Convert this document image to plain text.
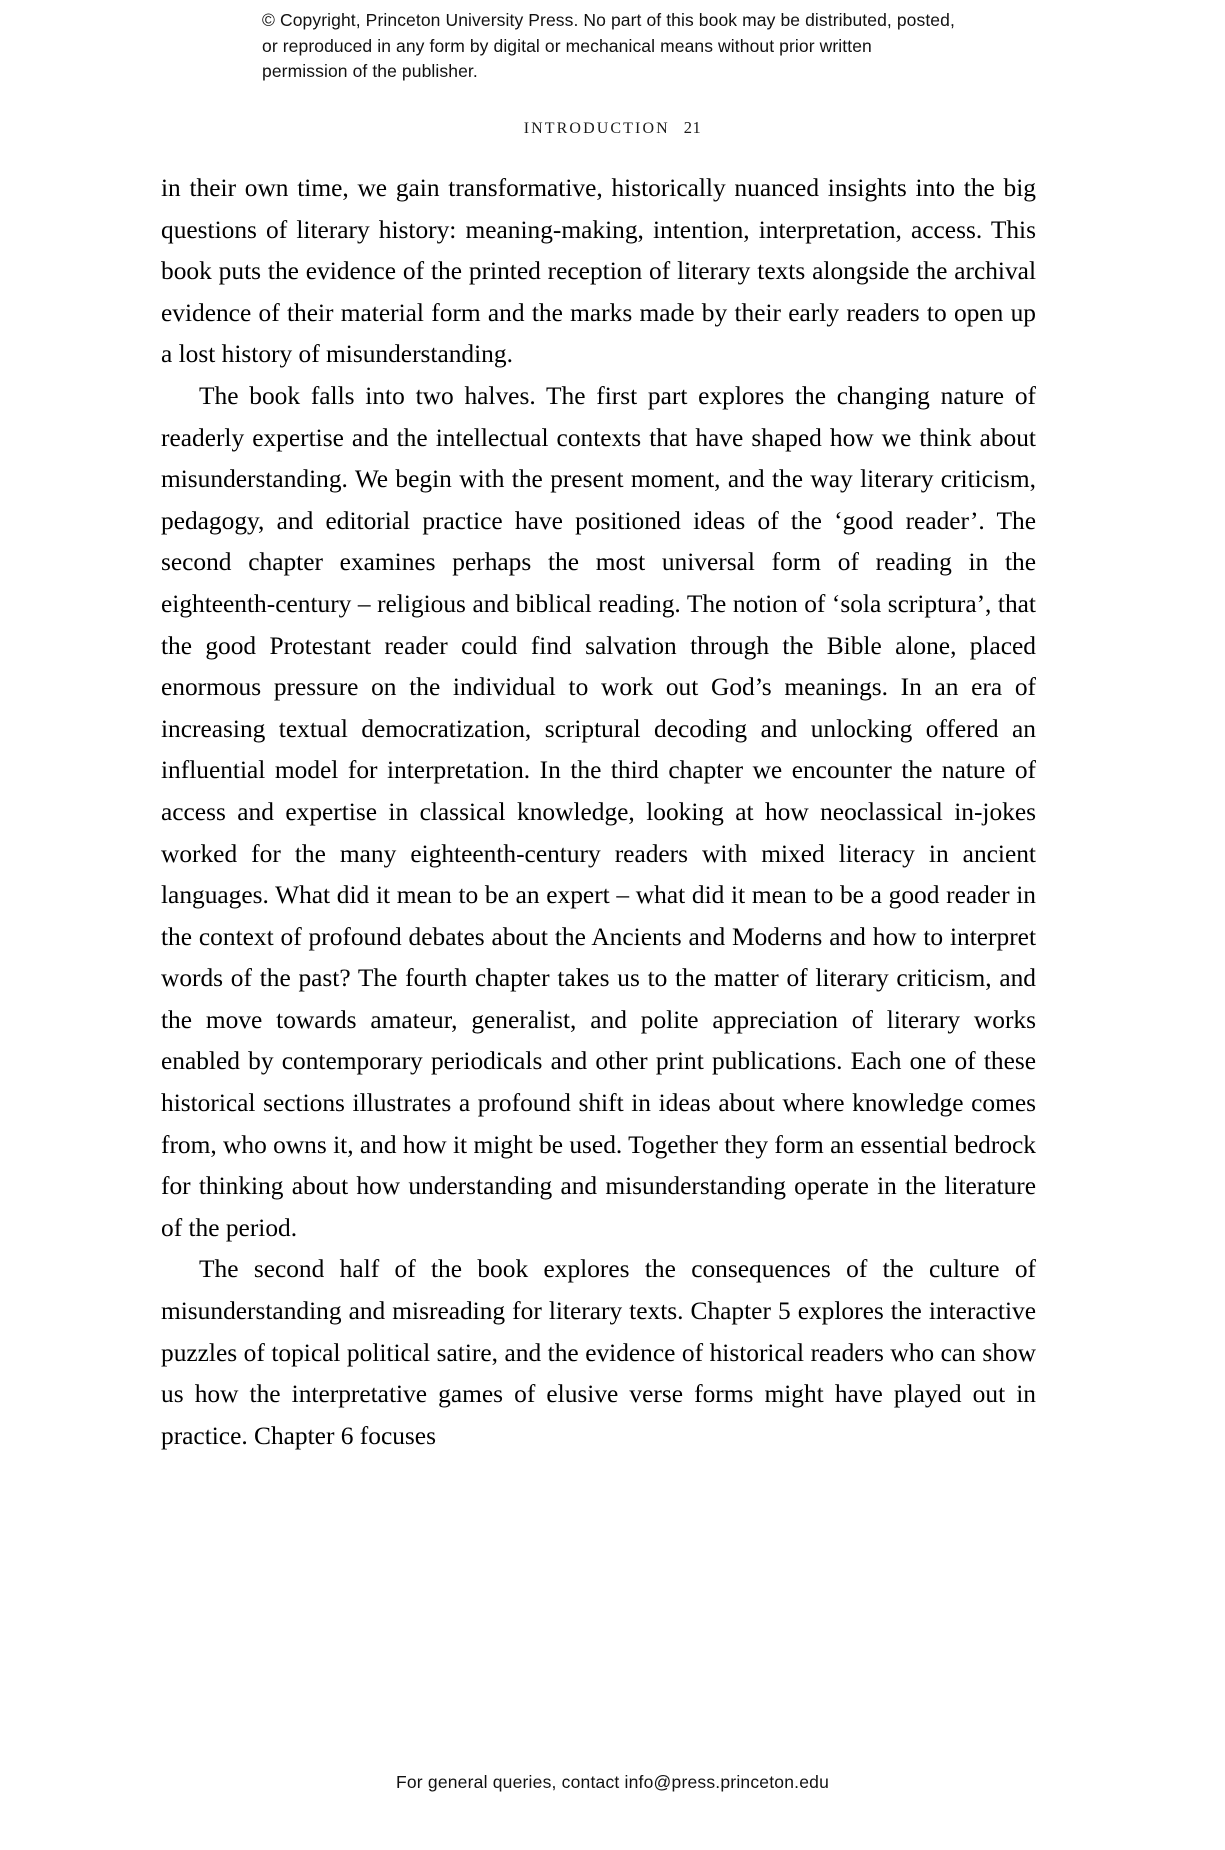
© Copyright, Princeton University Press. No part of this book may be distributed, posted, or reproduced in any form by digital or mechanical means without prior written permission of the publisher.
INTRODUCTION 21

in their own time, we gain transformative, historically nuanced insights into the big questions of literary history: meaning-making, intention, interpretation, access. This book puts the evidence of the printed reception of literary texts alongside the archival evidence of their material form and the marks made by their early readers to open up a lost history of misunderstanding.

The book falls into two halves. The first part explores the changing nature of readerly expertise and the intellectual contexts that have shaped how we think about misunderstanding. We begin with the present moment, and the way literary criticism, pedagogy, and editorial practice have positioned ideas of the ‘good reader’. The second chapter examines perhaps the most universal form of reading in the eighteenth-century – religious and biblical reading. The notion of ‘sola scriptura’, that the good Protestant reader could find salvation through the Bible alone, placed enormous pressure on the individual to work out God’s meanings. In an era of increasing textual democratization, scriptural decoding and unlocking offered an influential model for interpretation. In the third chapter we encounter the nature of access and expertise in classical knowledge, looking at how neoclassical in-jokes worked for the many eighteenth-century readers with mixed literacy in ancient languages. What did it mean to be an expert – what did it mean to be a good reader in the context of profound debates about the Ancients and Moderns and how to interpret words of the past? The fourth chapter takes us to the matter of literary criticism, and the move towards amateur, generalist, and polite appreciation of literary works enabled by contemporary periodicals and other print publications. Each one of these historical sections illustrates a profound shift in ideas about where knowledge comes from, who owns it, and how it might be used. Together they form an essential bedrock for thinking about how understanding and misunderstanding operate in the literature of the period.

The second half of the book explores the consequences of the culture of misunderstanding and misreading for literary texts. Chapter 5 explores the interactive puzzles of topical political satire, and the evidence of historical readers who can show us how the interpretative games of elusive verse forms might have played out in practice. Chapter 6 focuses

For general queries, contact info@press.princeton.edu
